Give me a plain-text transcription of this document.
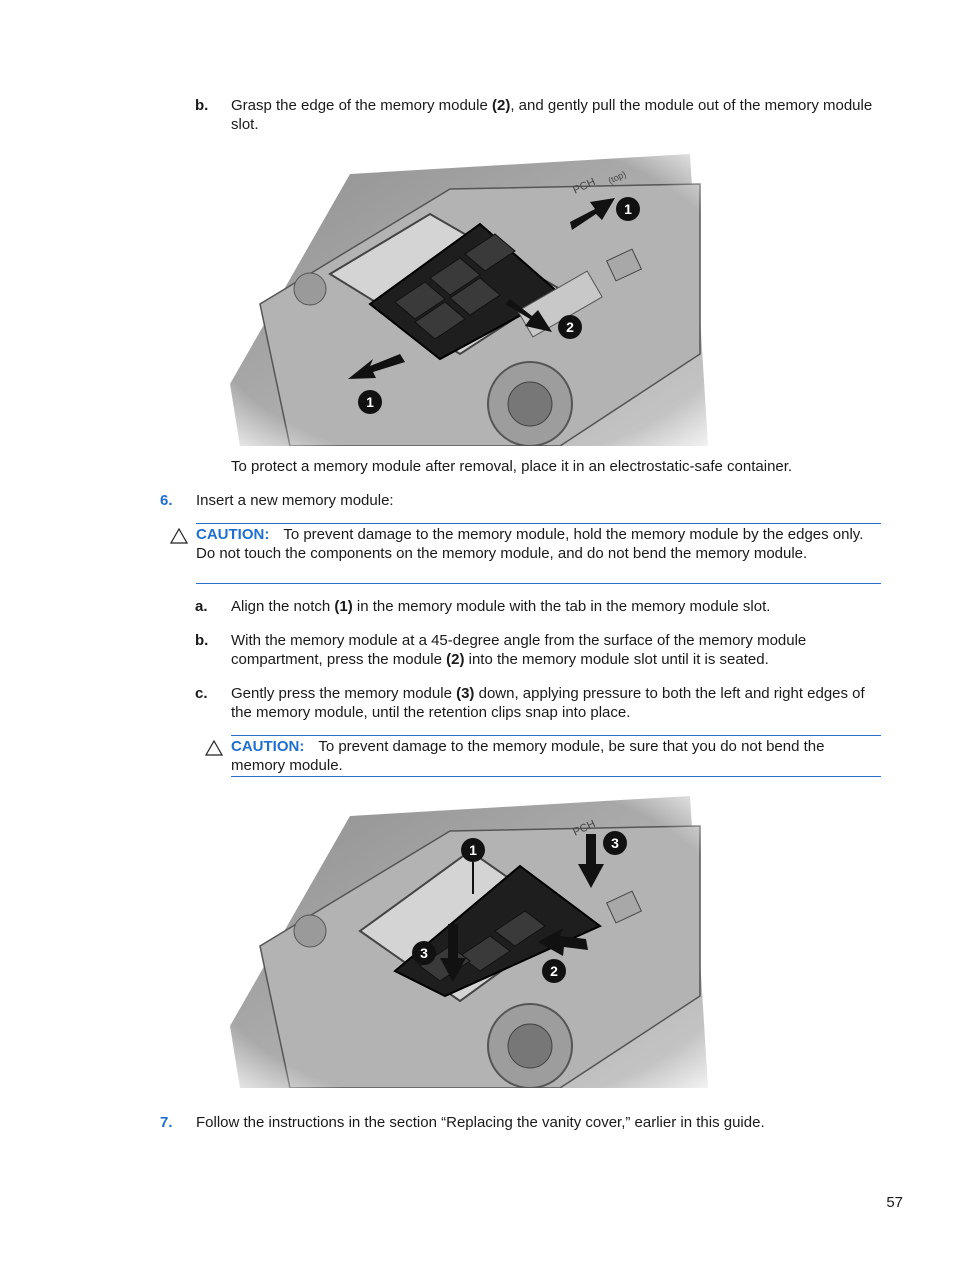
b. Grasp the edge of the memory module (2), and gently pull the module out of the memory module slot.
To protect a memory module after removal, place it in an electrostatic-safe container.
6. Insert a new memory module:
CAUTION: To prevent damage to the memory module, hold the memory module by the edges only. Do not touch the components on the memory module, and do not bend the memory module.
a. Align the notch (1) in the memory module with the tab in the memory module slot.
b. With the memory module at a 45-degree angle from the surface of the memory module compartment, press the module (2) into the memory module slot until it is seated.
c. Gently press the memory module (3) down, applying pressure to both the left and right edges of the memory module, until the retention clips snap into place.
CAUTION: To prevent damage to the memory module, be sure that you do not bend the memory module.
7. Follow the instructions in the section “Replacing the vanity cover,” earlier in this guide.
57
